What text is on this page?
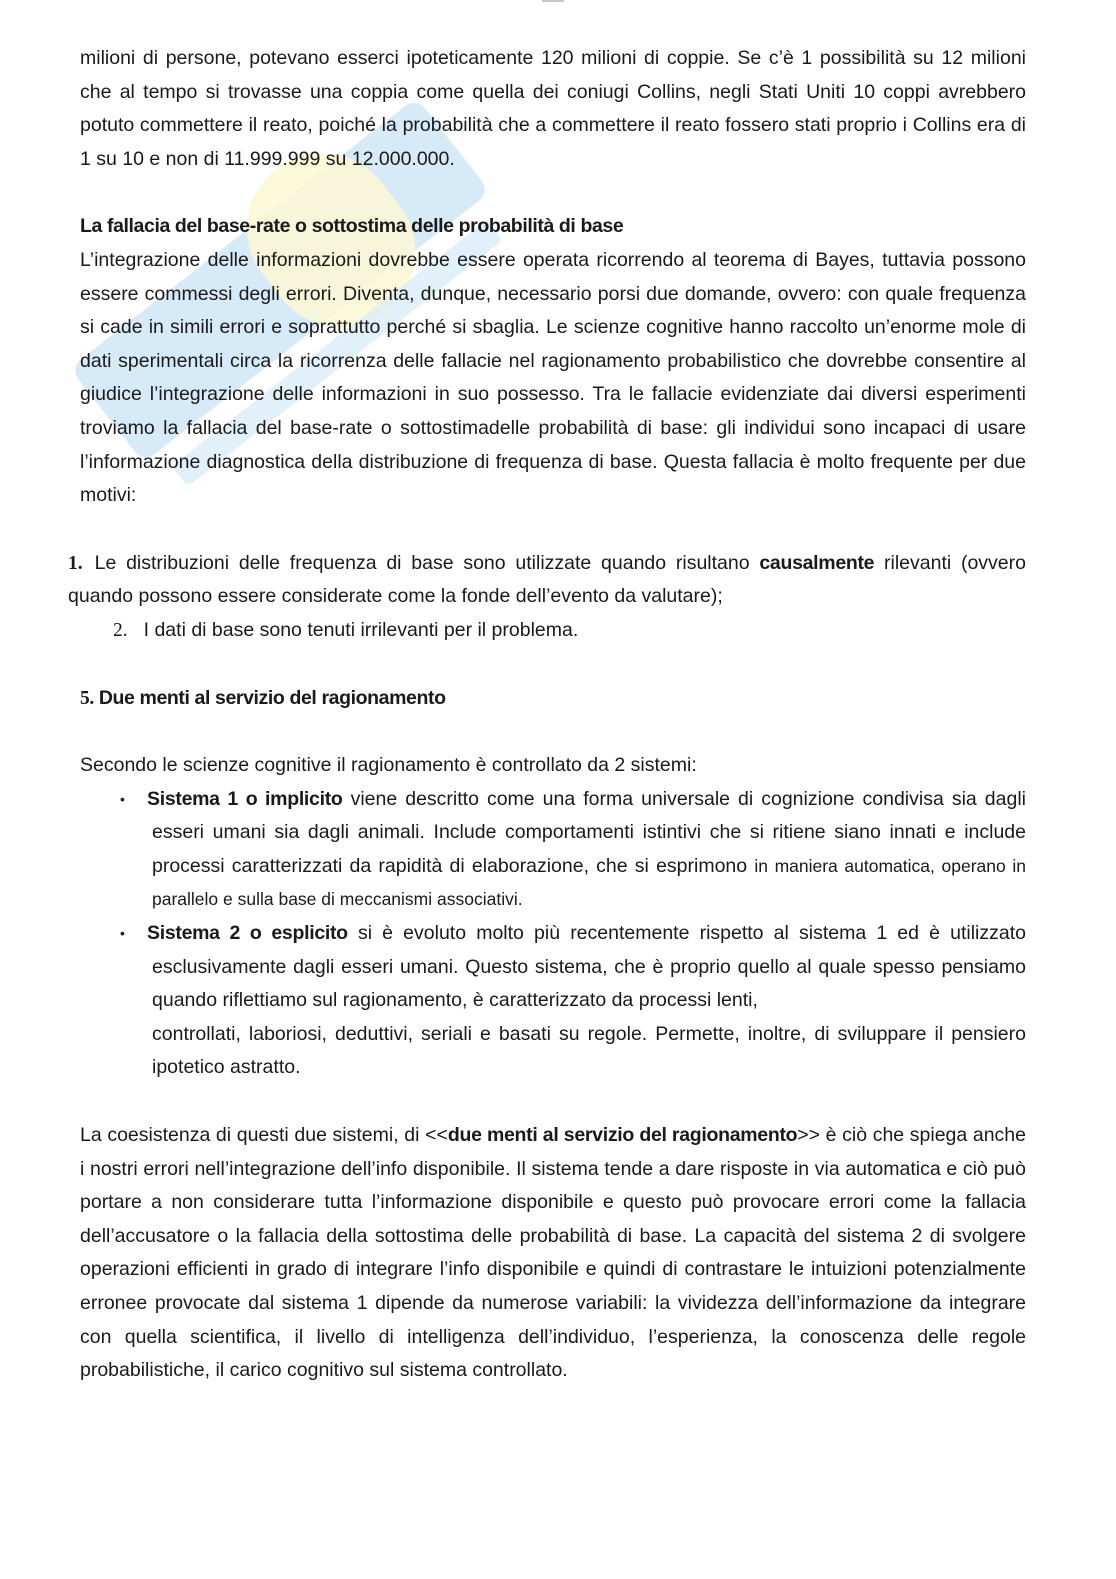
milioni di persone, potevano esserci ipoteticamente 120 milioni di coppie. Se c’è 1 possibilità su 12 milioni che al tempo si trovasse una coppia come quella dei coniugi Collins, negli Stati Uniti 10 coppi avrebbero potuto commettere il reato, poiché la probabilità che a commettere il reato fossero stati proprio i Collins era di 1 su 10 e non di 11.999.999 su 12.000.000.

La fallacia del base-rate o sottostima delle probabilità di base

L’integrazione delle informazioni dovrebbe essere operata ricorrendo al teorema di Bayes, tuttavia possono essere commessi degli errori. Diventa, dunque, necessario porsi due domande, ovvero: con quale frequenza si cade in simili errori e soprattutto perché si sbaglia. Le scienze cognitive hanno raccolto un’enorme mole di dati sperimentali circa la ricorrenza delle fallacie nel ragionamento probabilistico che dovrebbe consentire al giudice l’integrazione delle informazioni in suo possesso. Tra le fallacie evidenziate dai diversi esperimenti troviamo la fallacia del base-rate o sottostimadelle probabilità di base: gli individui sono incapaci di usare l’informazione diagnostica della distribuzione di frequenza di base. Questa fallacia è molto frequente per due motivi:

1. Le distribuzioni delle frequenza di base sono utilizzate quando risultano causalmente rilevanti (ovvero quando possono essere considerate come la fonde dell’evento da valutare);

2. I dati di base sono tenuti irrilevanti per il problema.

5. Due menti al servizio del ragionamento

Secondo le scienze cognitive il ragionamento è controllato da 2 sistemi:

• Sistema 1 o implicito viene descritto come una forma universale di cognizione condivisa sia dagli esseri umani sia dagli animali. Include comportamenti istintivi che si ritiene siano innati e include processi caratterizzati da rapidità di elaborazione, che si esprimono in maniera automatica, operano in parallelo e sulla base di meccanismi associativi.
• Sistema 2 o esplicito si è evoluto molto più recentemente rispetto al sistema 1 ed è utilizzato esclusivamente dagli esseri umani. Questo sistema, che è proprio quello al quale spesso pensiamo quando riflettiamo sul ragionamento, è caratterizzato da processi lenti,
controllati, laboriosi, deduttivi, seriali e basati su regole. Permette, inoltre, di sviluppare il pensiero ipotetico astratto.

La coesistenza di questi due sistemi, di <<due menti al servizio del ragionamento>> è ciò che spiega anche i nostri errori nell’integrazione dell’info disponibile. Il sistema tende a dare risposte in via automatica e ciò può portare a non considerare tutta l’informazione disponibile e questo può provocare errori come la fallacia dell’accusatore o la fallacia della sottostima delle probabilità di base. La capacità del sistema 2 di svolgere operazioni efficienti in grado di integrare l’info disponibile e quindi di contrastare le intuizioni potenzialmente erronee provocate dal sistema 1 dipende da numerose variabili: la vividezza dell’informazione da integrare con quella scientifica, il livello di intelligenza dell’individuo, l’esperienza, la conoscenza delle regole probabilistiche, il carico cognitivo sul sistema controllato.
